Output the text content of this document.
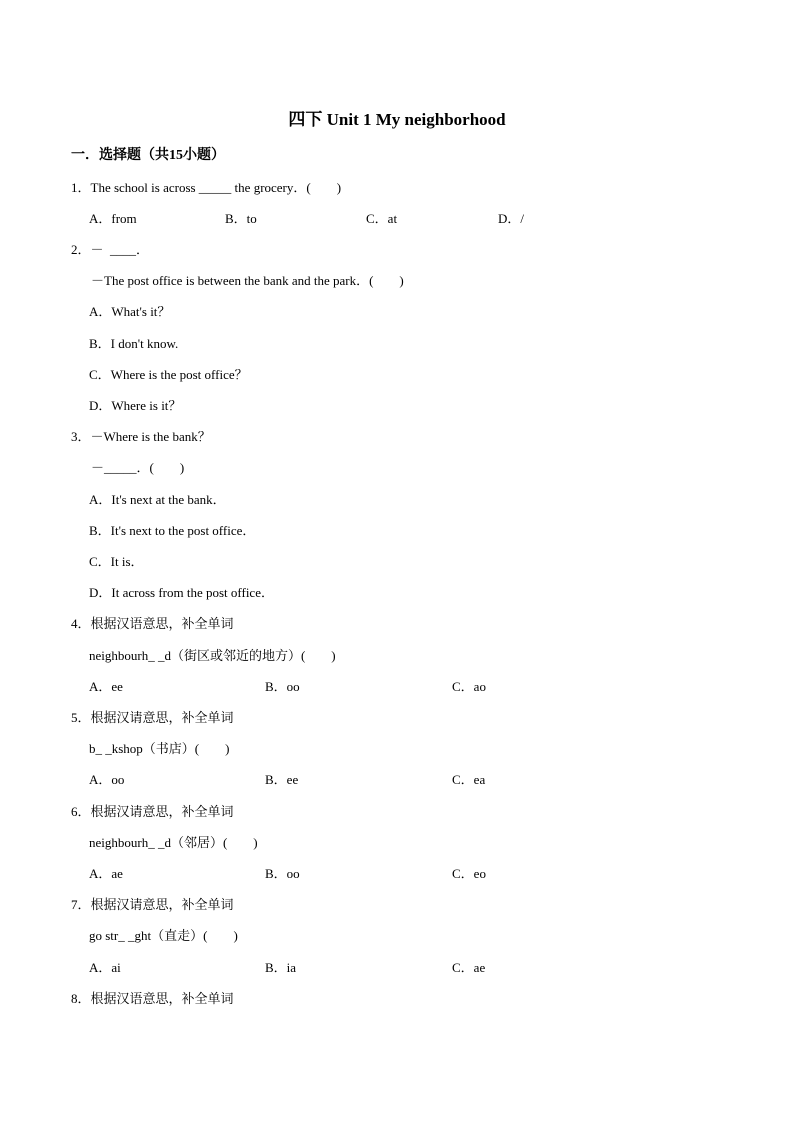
四下 Unit 1 My neighborhood
一．选择题（共15小题）
1．The school is across _____ the grocery．(        )
A．from	B．to	C．at	D．/
2．－  ____．
－The post office is between the bank and the park．(        )
A．What's it？
B．I don't know.
C．Where is the post office？
D．Where is it？
3．－Where is the bank？
－_____．(        )
A．It's next at the bank．
B．It's next to the post office．
C．It is．
D．It across from the post office．
4．根据汉语意思，补全单词
neighbourh_ _d（街区或邻近的地方）(        )
A．ee	B．oo	C．ao
5．根据汉请意思，补全单词
b_ _kshop（书店）(        )
A．oo	B．ee	C．ea
6．根据汉请意思，补全单词
neighbourh_ _d（邻居）(        )
A．ae	B．oo	C．eo
7．根据汉请意思，补全单词
go str_ _ght（直走）(        )
A．ai	B．ia	C．ae
8．根据汉语意思，补全单词
